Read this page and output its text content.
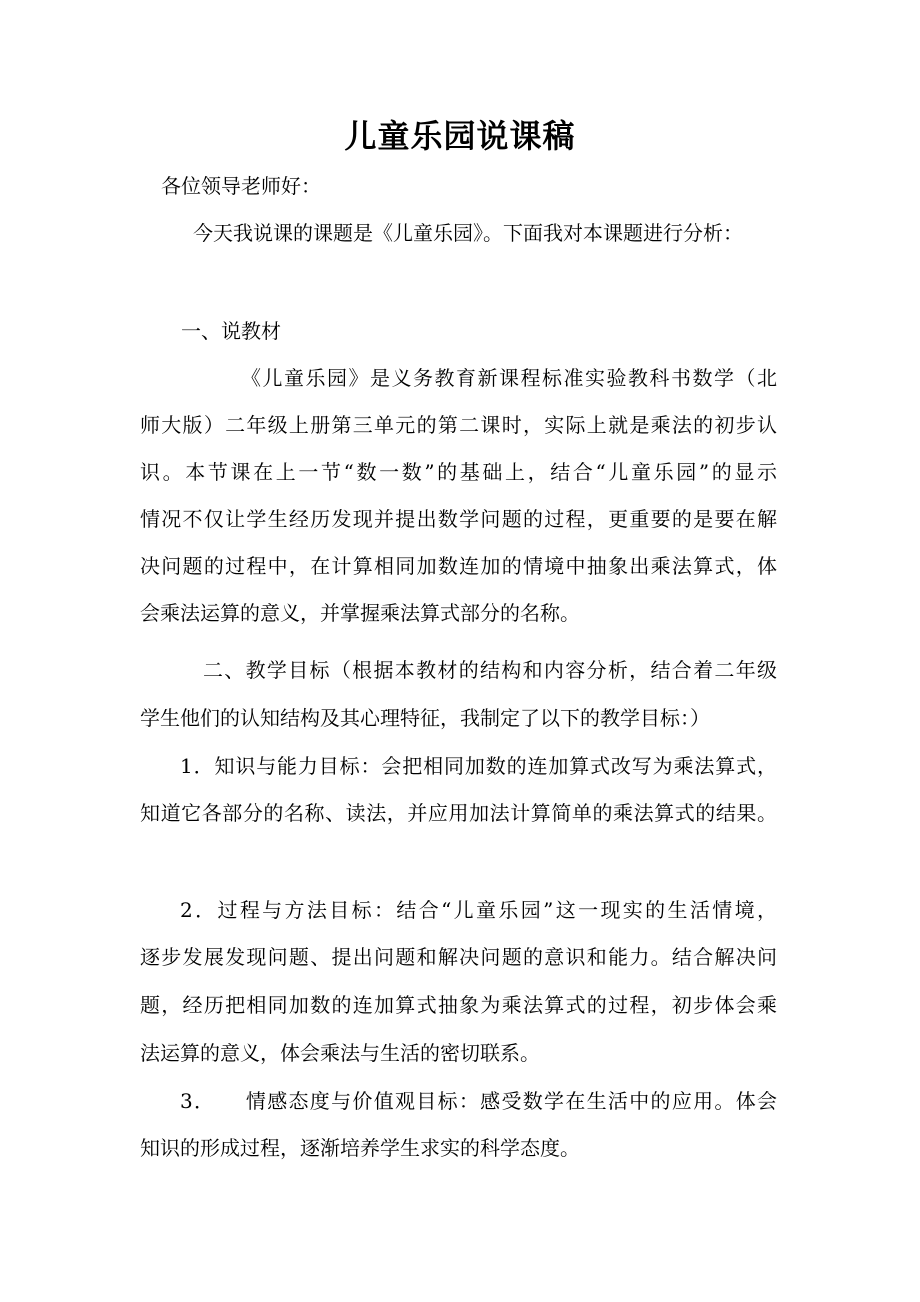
儿童乐园说课稿
各位领导老师好：
今天我说课的课题是《儿童乐园》。下面我对本课题进行分析：
一、说教材
《儿童乐园》是义务教育新课程标准实验教科书数学（北
师大版）二年级上册第三单元的第二课时，实际上就是乘法的初步认
识。本节课在上一节“数一数”的基础上，结合“儿童乐园”的显示
情况不仅让学生经历发现并提出数学问题的过程，更重要的是要在解
决问题的过程中，在计算相同加数连加的情境中抽象出乘法算式，体
会乘法运算的意义，并掌握乘法算式部分的名称。
二、教学目标（根据本教材的结构和内容分析，结合着二年级
学生他们的认知结构及其心理特征，我制定了以下的教学目标：）
1．知识与能力目标：会把相同加数的连加算式改写为乘法算式，
知道它各部分的名称、读法，并应用加法计算简单的乘法算式的结果。
2．过程与方法目标：结合“儿童乐园”这一现实的生活情境，
逐步发展发现问题、提出问题和解决问题的意识和能力。结合解决问
题，经历把相同加数的连加算式抽象为乘法算式的过程，初步体会乘
法运算的意义，体会乘法与生活的密切联系。
3．    情感态度与价值观目标：感受数学在生活中的应用。体会
知识的形成过程，逐渐培养学生求实的科学态度。
